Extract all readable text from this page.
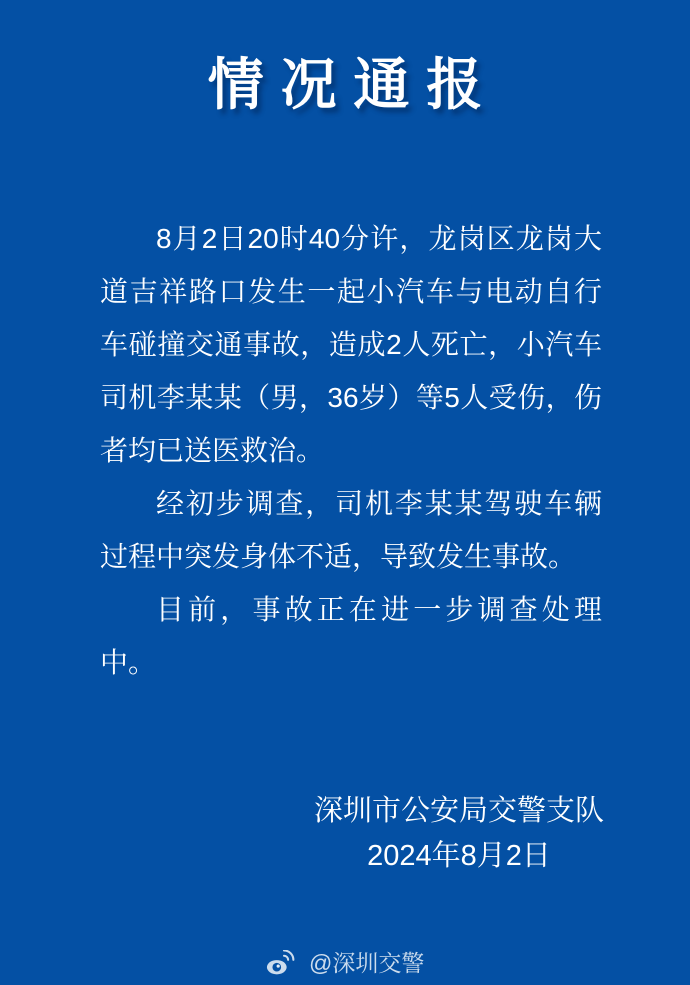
情况通报

8月2日20时40分许，龙岗区龙岗大道吉祥路口发生一起小汽车与电动自行车碰撞交通事故，造成2人死亡，小汽车司机李某某（男，36岁）等5人受伤，伤者均已送医救治。

经初步调查，司机李某某驾驶车辆过程中突发身体不适，导致发生事故。

目前，事故正在进一步调查处理中。

深圳市公安局交警支队
2024年8月2日
@深圳交警
